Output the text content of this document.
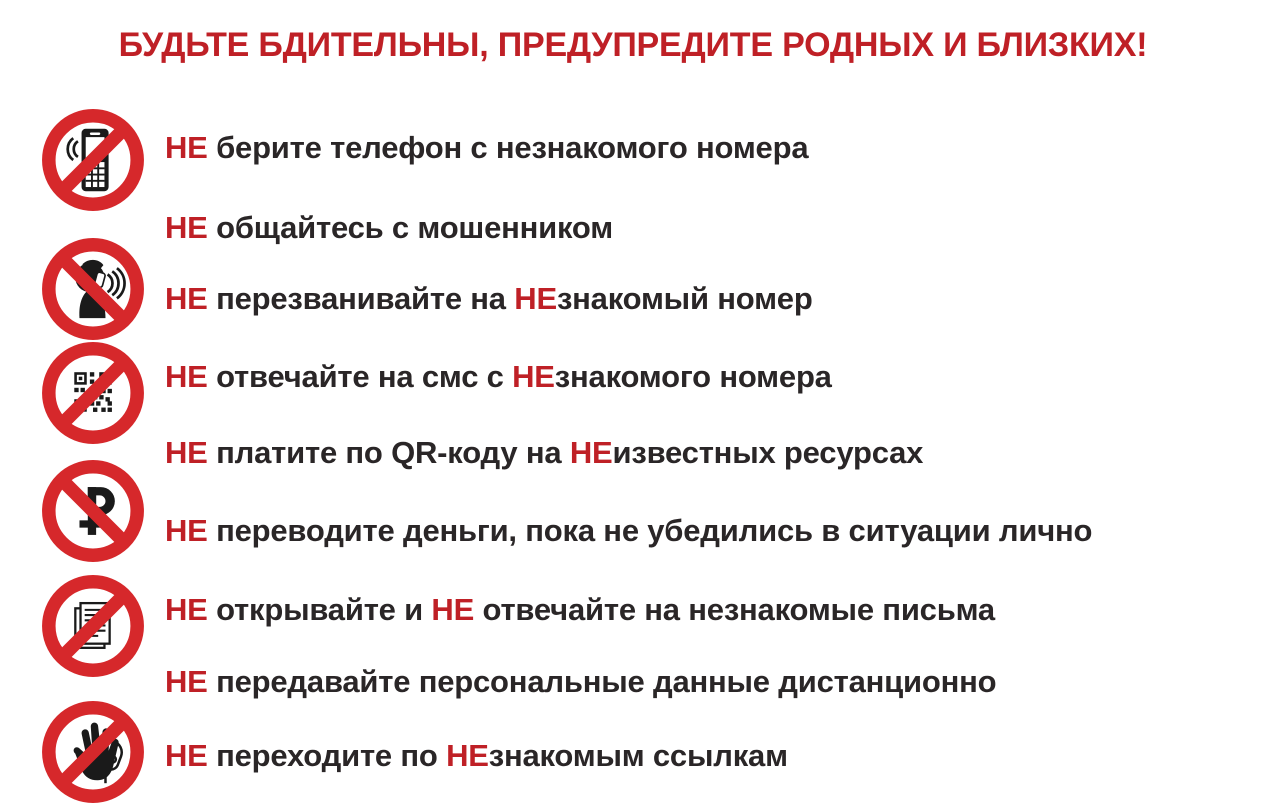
БУДЬТЕ БДИТЕЛЬНЫ, ПРЕДУПРЕДИТЕ РОДНЫХ И БЛИЗКИХ!
НЕ берите телефон с незнакомого номера
НЕ общайтесь с мошенником
НЕ перезванивайте на НЕзнакомый номер
НЕ отвечайте на смс с НЕзнакомого номера
НЕ платите по QR-коду на НЕизвестных ресурсах
НЕ переводите деньги, пока не убедились в ситуации лично
НЕ открывайте и НЕ отвечайте на незнакомые письма
НЕ передавайте персональные данные дистанционно
НЕ переходите по НЕзнакомым ссылкам
